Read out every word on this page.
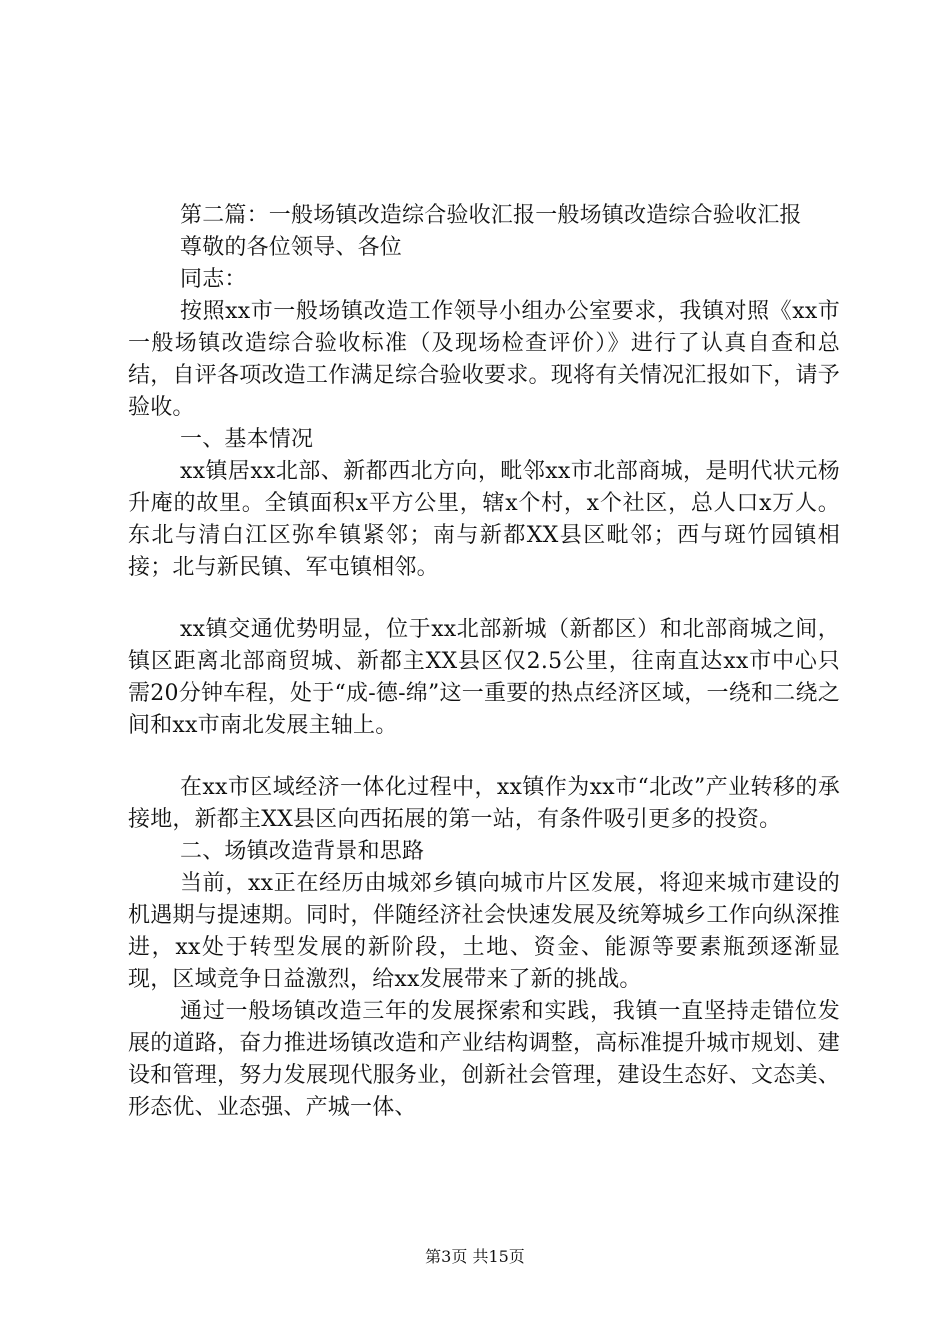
第二篇：一般场镇改造综合验收汇报一般场镇改造综合验收汇报

尊敬的各位领导、各位

同志：

按照xx市一般场镇改造工作领导小组办公室要求，我镇对照《xx市一般场镇改造综合验收标准（及现场检查评价）》进行了认真自查和总结，自评各项改造工作满足综合验收要求。现将有关情况汇报如下，请予验收。

一、基本情况

xx镇居xx北部、新都西北方向，毗邻xx市北部商城，是明代状元杨升庵的故里。全镇面积x平方公里，辖x个村，x个社区，总人口x万人。东北与清白江区弥牟镇紧邻；南与新都XX县区毗邻；西与斑竹园镇相接；北与新民镇、军屯镇相邻。

xx镇交通优势明显，位于xx北部新城（新都区）和北部商城之间，镇区距离北部商贸城、新都主XX县区仅2.5公里，往南直达xx市中心只需20分钟车程，处于“成-德-绵”这一重要的热点经济区域，一绕和二绕之间和xx市南北发展主轴上。

在xx市区域经济一体化过程中，xx镇作为xx市“北改”产业转移的承接地，新都主XX县区向西拓展的第一站，有条件吸引更多的投资。

二、场镇改造背景和思路

当前，xx正在经历由城郊乡镇向城市片区发展，将迎来城市建设的机遇期与提速期。同时，伴随经济社会快速发展及统筹城乡工作向纵深推进，xx处于转型发展的新阶段，土地、资金、能源等要素瓶颈逐渐显现，区域竞争日益激烈，给xx发展带来了新的挑战。

通过一般场镇改造三年的发展探索和实践，我镇一直坚持走错位发展的道路，奋力推进场镇改造和产业结构调整，高标准提升城市规划、建设和管理，努力发展现代服务业，创新社会管理，建设生态好、文态美、形态优、业态强、产城一体、

第3页 共15页
